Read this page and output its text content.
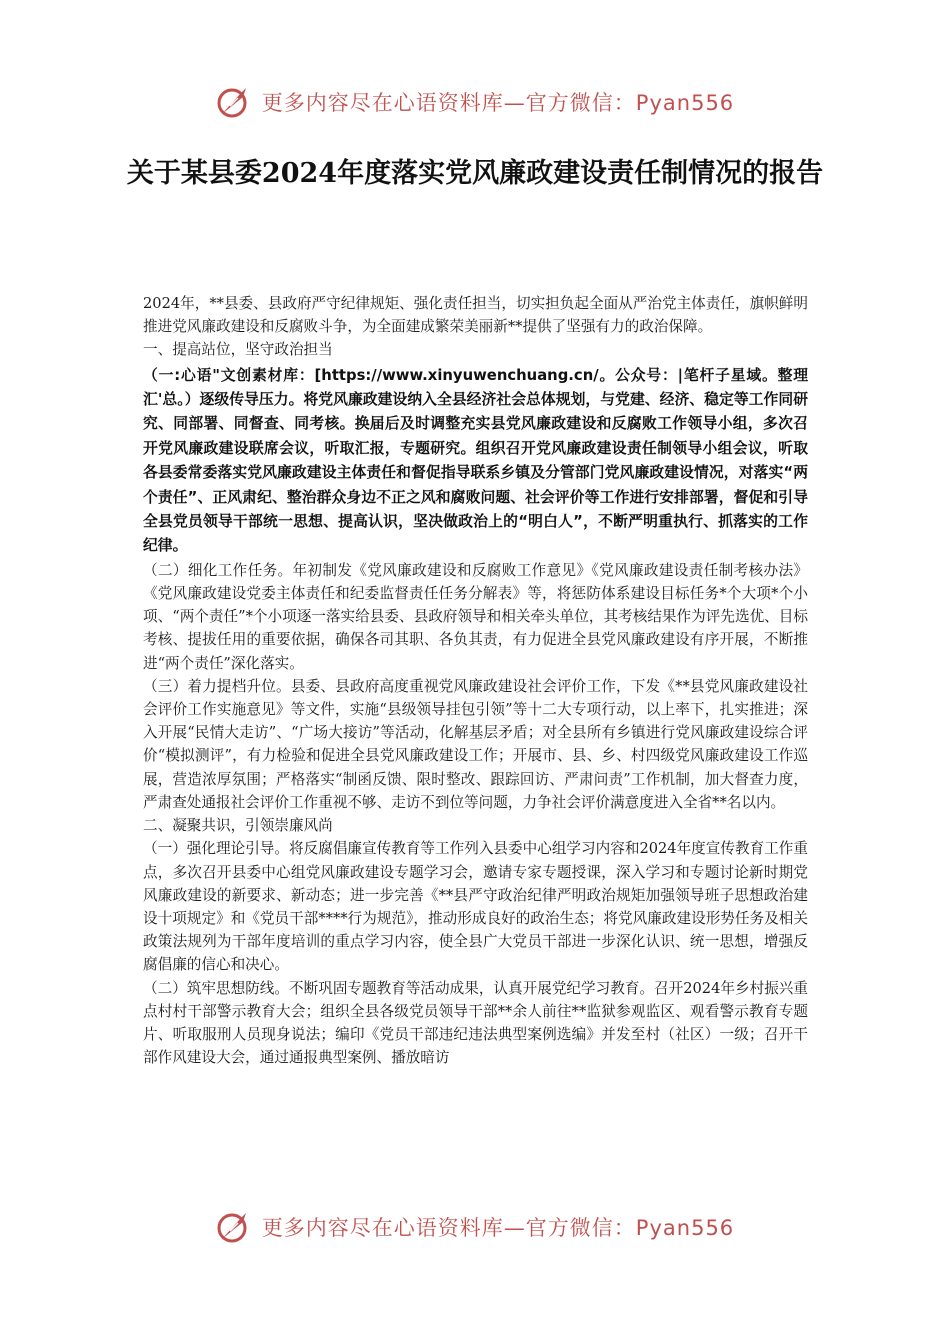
更多内容尽在心语资料库—官方微信：Pyan556
关于某县委2024年度落实党风廉政建设责任制情况的报告

2024年，**县委、县政府严守纪律规矩、强化责任担当，切实担负起全面从严治党主体责任，旗帜鲜明推进党风廉政建设和反腐败斗争，为全面建成繁荣美丽新**提供了坚强有力的政治保障。

一、提高站位，坚守政治担当

（一:心语"文创素材库：[https://www.xinyuwenchuang.cn/。公众号：|笔杆子星域。整理汇'总。）逐级传导压力。将党风廉政建设纳入全县经济社会总体规划，与党建、经济、稳定等工作同研究、同部署、同督查、同考核。换届后及时调整充实县党风廉政建设和反腐败工作领导小组，多次召开党风廉政建设联席会议，听取汇报，专题研究。组织召开党风廉政建设责任制领导小组会议，听取各县委常委落实党风廉政建设主体责任和督促指导联系乡镇及分管部门党风廉政建设情况，对落实“两个责任”、正风肃纪、整治群众身边不正之风和腐败问题、社会评价等工作进行安排部署，督促和引导全县党员领导干部统一思想、提高认识，坚决做政治上的“明白人”，不断严明重执行、抓落实的工作纪律。

（二）细化工作任务。年初制发《党风廉政建设和反腐败工作意见》《党风廉政建设责任制考核办法》《党风廉政建设党委主体责任和纪委监督责任任务分解表》等，将惩防体系建设目标任务*个大项*个小项、“两个责任”*个小项逐一落实给县委、县政府领导和相关牵头单位，其考核结果作为评先选优、目标考核、提拔任用的重要依据，确保各司其职、各负其责，有力促进全县党风廉政建设有序开展，不断推进“两个责任”深化落实。

（三）着力提档升位。县委、县政府高度重视党风廉政建设社会评价工作，下发《**县党风廉政建设社会评价工作实施意见》等文件，实施“县级领导挂包引领”等十二大专项行动，以上率下，扎实推进；深入开展“民情大走访”、“广场大接访”等活动，化解基层矛盾；对全县所有乡镇进行党风廉政建设综合评价“模拟测评”，有力检验和促进全县党风廉政建设工作；开展市、县、乡、村四级党风廉政建设工作巡展，营造浓厚氛围；严格落实“制函反馈、限时整改、跟踪回访、严肃问责”工作机制，加大督查力度，严肃查处通报社会评价工作重视不够、走访不到位等问题，力争社会评价满意度进入全省**名以内。

二、凝聚共识，引领崇廉风尚

（一）强化理论引导。将反腐倡廉宣传教育等工作列入县委中心组学习内容和2024年度宣传教育工作重点，多次召开县委中心组党风廉政建设专题学习会，邀请专家专题授课，深入学习和专题讨论新时期党风廉政建设的新要求、新动态；进一步完善《**县严守政治纪律严明政治规矩加强领导班子思想政治建设十项规定》和《党员干部****行为规范》，推动形成良好的政治生态；将党风廉政建设形势任务及相关政策法规列为干部年度培训的重点学习内容，使全县广大党员干部进一步深化认识、统一思想，增强反腐倡廉的信心和决心。

（二）筑牢思想防线。不断巩固专题教育等活动成果，认真开展党纪学习教育。召开2024年乡村振兴重点村村干部警示教育大会；组织全县各级党员领导干部**余人前往**监狱参观监区、观看警示教育专题片、听取服刑人员现身说法；编印《党员干部违纪违法典型案例选编》并发至村（社区）一级；召开干部作风建设大会，通过通报典型案例、播放暗访

更多内容尽在心语资料库—官方微信：Pyan556
